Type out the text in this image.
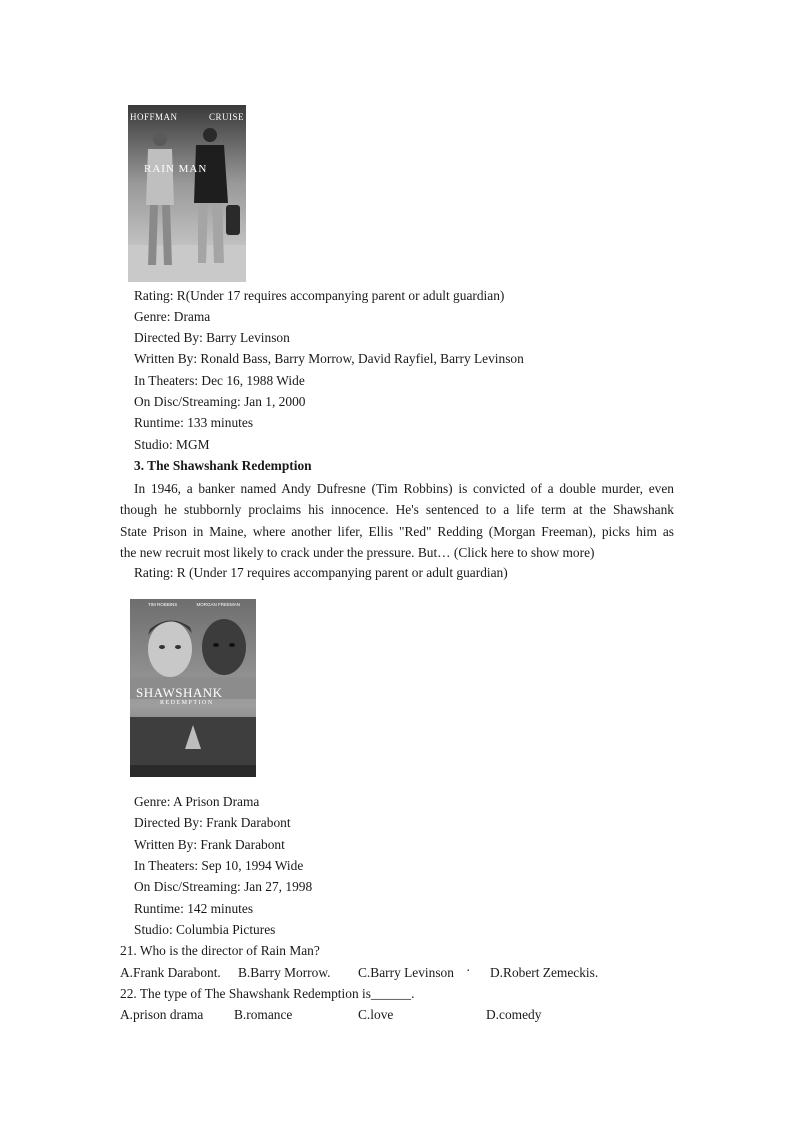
HOFFMAN	CRUISE
RAIN MAN
Rating: R(Under 17 requires accompanying parent or adult guardian)
Genre: Drama
Directed By: Barry Levinson
Written By: Ronald Bass, Barry Morrow, David Rayfiel, Barry Levinson
In Theaters: Dec 16, 1988 Wide
On Disc/Streaming: Jan 1, 2000
Runtime: 133 minutes
Studio: MGM
3. The Shawshank Redemption
In 1946, a banker named Andy Dufresne (Tim Robbins) is convicted of a double murder, even
though he stubbornly proclaims his innocence. He's sentenced to a life term at the Shawshank
State Prison in Maine, where another lifer, Ellis "Red" Redding (Morgan Freeman), picks him as
the new recruit most likely to crack under the pressure. But… (Click here to show more)
Rating: R (Under 17 requires accompanying parent or adult guardian)
TIM ROBBINS	MORGAN FREEMAN
SHAWSHANK
REDEMPTION
Genre: A Prison Drama
Directed By: Frank Darabont
Written By: Frank Darabont
In Theaters: Sep 10, 1994 Wide
On Disc/Streaming: Jan 27, 1998
Runtime: 142 minutes
Studio: Columbia Pictures
21. Who is the director of Rain Man?
A.Frank Darabont. B.Barry Morrow. C.Barry Levinson · D.Robert Zemeckis.
22. The type of The Shawshank Redemption is______.
A.prison drama B.romance	C.love	D.comedy
